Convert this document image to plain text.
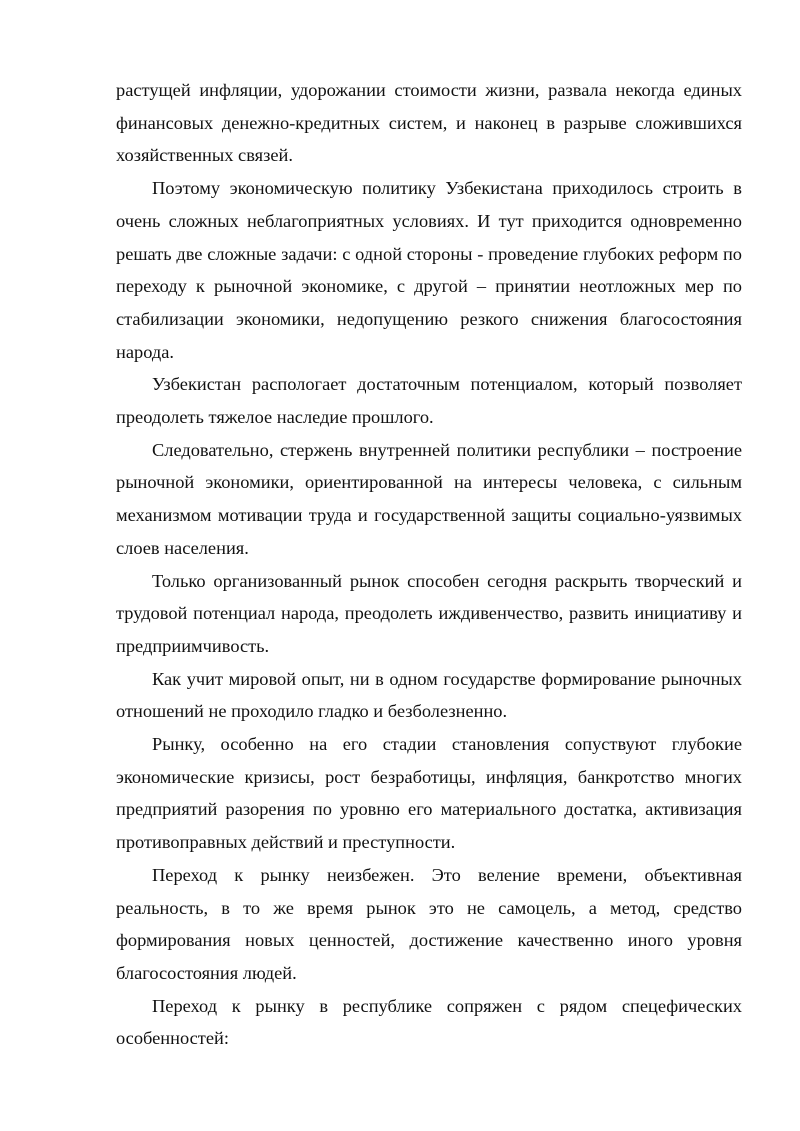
растущей инфляции, удорожании стоимости жизни, развала некогда единых финансовых денежно-кредитных систем, и наконец в разрыве сложившихся хозяйственных связей.

Поэтому экономическую политику Узбекистана приходилось строить в очень сложных неблагоприятных условиях. И тут приходится одновременно решать две сложные задачи: с одной стороны - проведение глубоких реформ по переходу к рыночной экономике, с другой – принятии неотложных мер по стабилизации экономики, недопущению резкого снижения благосостояния народа.

Узбекистан распологает достаточным потенциалом, который позволяет преодолеть тяжелое наследие прошлого.

Следовательно, стержень внутренней политики республики – построение рыночной экономики, ориентированной на интересы человека, с сильным механизмом мотивации труда и государственной защиты социально-уязвимых слоев населения.

Только организованный рынок способен сегодня раскрыть творческий и трудовой потенциал народа, преодолеть иждивенчество, развить инициативу и предприимчивость.

Как учит мировой опыт, ни в одном государстве формирование рыночных отношений не проходило гладко и безболезненно.

Рынку, особенно на его стадии становления сопуствуют глубокие экономические кризисы, рост безработицы, инфляция, банкротство многих предприятий разорения по уровню его материального достатка, активизация противоправных действий и преступности.

Переход к рынку неизбежен. Это веление времени, объективная реальность, в то же время рынок это не самоцель, а метод, средство формирования новых ценностей, достижение качественно иного уровня благосостояния людей.

Переход к рынку в республике сопряжен с рядом спецефических особенностей:
